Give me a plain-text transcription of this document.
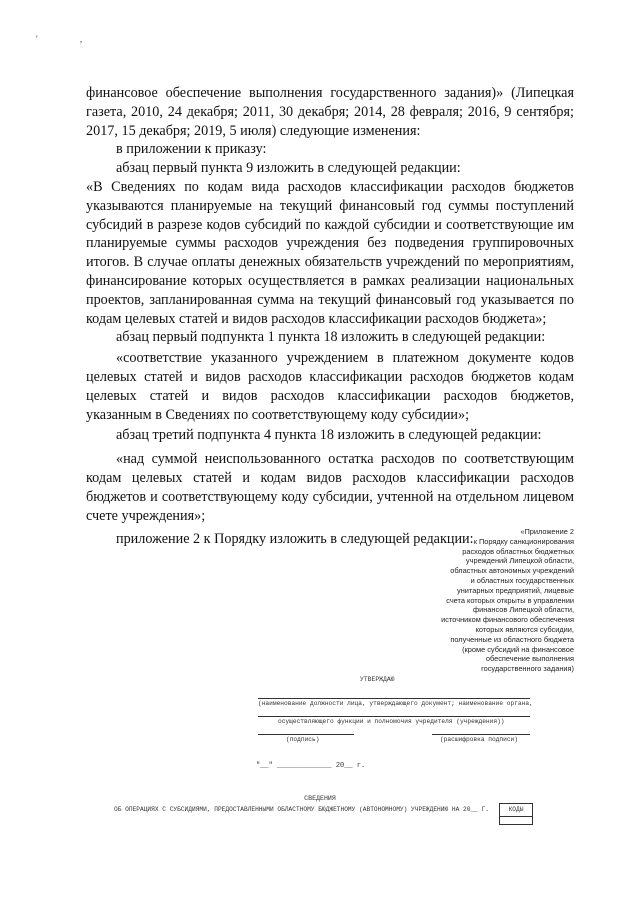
' ,

финансовое обеспечение выполнения государственного задания)» (Липецкая газета, 2010, 24 декабря; 2011, 30 декабря; 2014, 28 февраля; 2016, 9 сентября; 2017, 15 декабря; 2019, 5 июля) следующие изменения:

в приложении к приказу:

абзац первый пункта 9 изложить в следующей редакции:

«В Сведениях по кодам вида расходов классификации расходов бюджетов указываются планируемые на текущий финансовый год суммы поступлений субсидий в разрезе кодов субсидий по каждой субсидии и соответствующие им планируемые суммы расходов учреждения без подведения группировочных итогов. В случае оплаты денежных обязательств учреждений по мероприятиям, финансирование которых осуществляется в рамках реализации национальных проектов, запланированная сумма на текущий финансовый год указывается по кодам целевых статей и видов расходов классификации расходов бюджета»;

абзац первый подпункта 1 пункта 18 изложить в следующей редакции:

«соответствие указанного учреждением в платежном документе кодов целевых статей и видов расходов классификации расходов бюджетов кодам целевых статей и видов расходов классификации расходов бюджетов, указанным в Сведениях по соответствующему коду субсидии»;

абзац третий подпункта 4 пункта 18 изложить в следующей редакции:

«над суммой неиспользованного остатка расходов по соответствующим кодам целевых статей и кодам видов расходов классификации расходов бюджетов и соответствующему коду субсидии, учтенной на отдельном лицевом счете учреждения»;

приложение 2 к Порядку изложить в следующей редакции:	«Приложение 2
к Порядку санкционирования
расходов областных бюджетных
учреждений Липецкой области,
областных автономных учреждений
и областных государственных
унитарных предприятий, лицевые
счета которых открыты в управлении
финансов Липецкой области,
источником финансового обеспечения
которых являются субсидии,
полученные из областного бюджета
(кроме субсидий на финансовое
обеспечение выполнения
государственного задания)
УТВЕРЖДАЮ
(наименование должности лица, утверждающего документ; наименование органа,
осуществляющего функции и полномочия учредителя (учреждения))
(подпись)	(расшифровка подписи)
"__" _____________ 20__ г.
СВЕДЕНИЯ
ОБ ОПЕРАЦИЯХ С СУБСИДИЯМИ, ПРЕДОСТАВЛЕННЫМИ ОБЛАСТНОМУ БЮДЖЕТНОМУ (АВТОНОМНОМУ) УЧРЕЖДЕНИЮ НА 20__ Г.	КОДЫ
